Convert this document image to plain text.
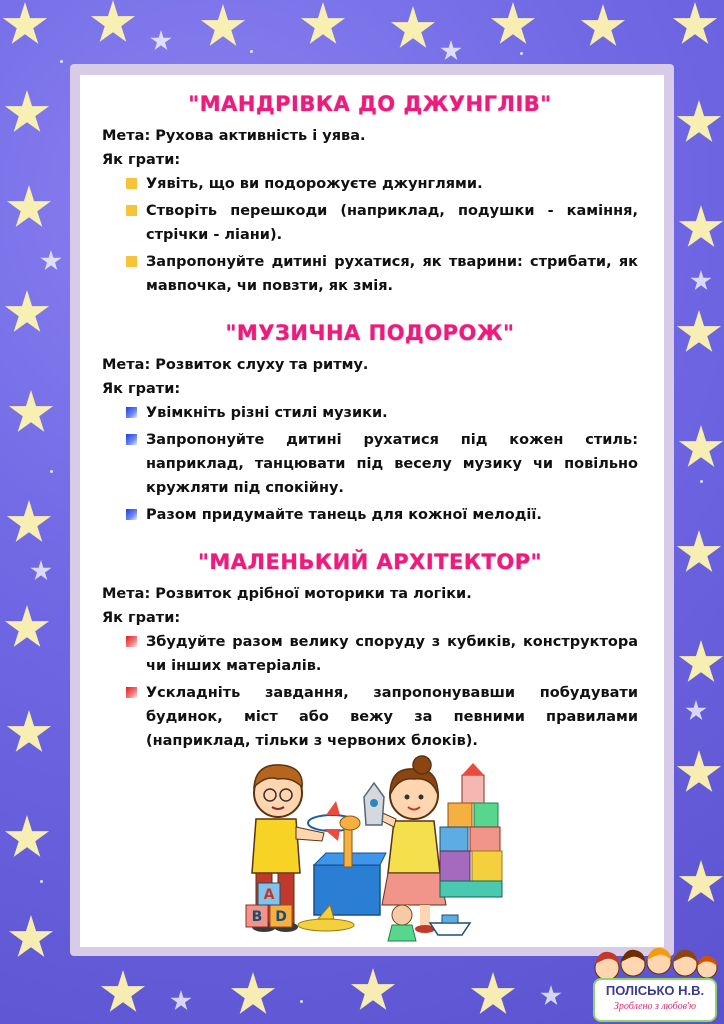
"МАНДРІВКА ДО ДЖУНГЛІВ"

Мета: Рухова активність і уява.

Як грати:

Уявіть, що ви подорожуєте джунглями.
Створіть перешкоди (наприклад, подушки - каміння, стрічки - ліани).
Запропонуйте дитині рухатися, як тварини: стрибати, як мавпочка, чи повзти, як змія.
"МУЗИЧНА ПОДОРОЖ"

Мета: Розвиток слуху та ритму.

Як грати:

Увімкніть різні стилі музики.
Запропонуйте дитині рухатися під кожен стиль: наприклад, танцювати під веселу музику чи повільно кружляти під спокійну.
Разом придумайте танець для кожної мелодії.
"МАЛЕНЬКИЙ АРХІТЕКТОР"

Мета: Розвиток дрібної моторики та логіки.

Як грати:

Збудуйте разом велику споруду з кубиків, конструктора чи інших матеріалів.
Ускладніть завдання, запропонувавши побудувати будинок, міст або вежу за певними правилами (наприклад, тільки з червоних блоків).
B D
A
ПОЛІСЬКО Н.В.
Зроблено з любов'ю
